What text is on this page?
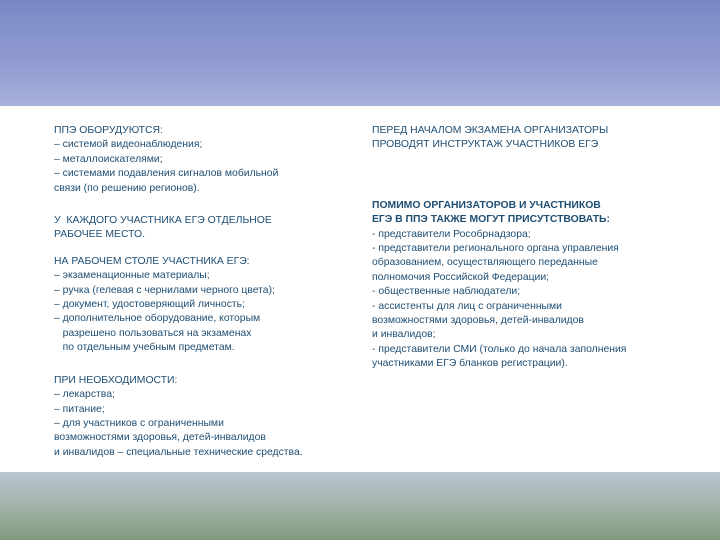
ППЭ ОБОРУДУЮТСЯ:
– системой видеонаблюдения;
– металлоискателями;
– системами подавления сигналов мобильной
связи (по решению регионов).
У  КАЖДОГО УЧАСТНИКА ЕГЭ ОТДЕЛЬНОЕ
РАБОЧЕЕ МЕСТО.
НА РАБОЧЕМ СТОЛЕ УЧАСТНИКА ЕГЭ:
– экзаменационные материалы;
– ручка (гелевая с чернилами черного цвета);
– документ, удостоверяющий личность;
– дополнительное оборудование, которым
разрешено пользоваться на экзаменах
по отдельным учебным предметам.
ПРИ НЕОБХОДИМОСТИ:
– лекарства;
– питание;
– для участников с ограниченными
возможностями здоровья, детей-инвалидов
и инвалидов – специальные технические средства.
ПЕРЕД НАЧАЛОМ ЭКЗАМЕНА ОРГАНИЗАТОРЫ
ПРОВОДЯТ ИНСТРУКТАЖ УЧАСТНИКОВ ЕГЭ
ПОМИМО ОРГАНИЗАТОРОВ И УЧАСТНИКОВ
ЕГЭ В ППЭ ТАКЖЕ МОГУТ ПРИСУТСТВОВАТЬ:
- представители Рособрнадзора;
- представители регионального органа управления
образованием, осуществляющего переданные
полномочия Российской Федерации;
- общественные наблюдатели;
- ассистенты для лиц с ограниченными
возможностями здоровья, детей-инвалидов
и инвалидов;
- представители СМИ (только до начала заполнения
участниками ЕГЭ бланков регистрации).
